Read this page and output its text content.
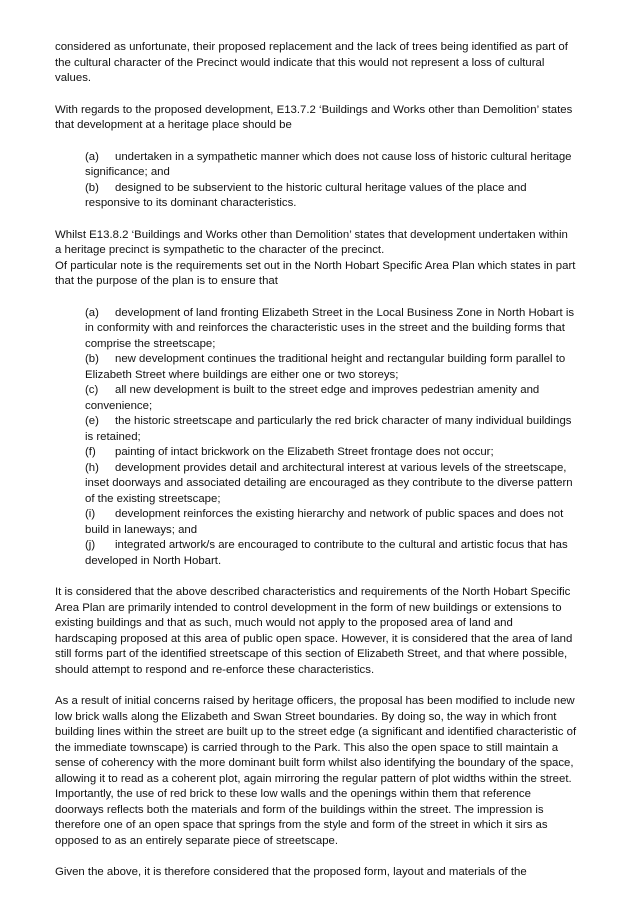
considered as unfortunate, their proposed replacement and the lack of trees being identified as part of the cultural character of the Precinct would indicate that this would not represent a loss of cultural values.

With regards to the proposed development, E13.7.2 ‘Buildings and Works other than Demolition’ states that development at a heritage place should be

(a) undertaken in a sympathetic manner which does not cause loss of historic cultural heritage significance; and
(b) designed to be subservient to the historic cultural heritage values of the place and responsive to its dominant characteristics.

Whilst E13.8.2 ‘Buildings and Works other than Demolition’ states that development undertaken within a heritage precinct is sympathetic to the character of the precinct.

Of particular note is the requirements set out in the North Hobart Specific Area Plan which states in part that the purpose of the plan is to ensure that

(a) development of land fronting Elizabeth Street in the Local Business Zone in North Hobart is in conformity with and reinforces the characteristic uses in the street and the building forms that comprise the streetscape;
(b) new development continues the traditional height and rectangular building form parallel to Elizabeth Street where buildings are either one or two storeys;
(c) all new development is built to the street edge and improves pedestrian amenity and convenience;
(e) the historic streetscape and particularly the red brick character of many individual buildings is retained;
(f) painting of intact brickwork on the Elizabeth Street frontage does not occur;
(h) development provides detail and architectural interest at various levels of the streetscape, inset doorways and associated detailing are encouraged as they contribute to the diverse pattern of the existing streetscape;
(i) development reinforces the existing hierarchy and network of public spaces and does not build in laneways; and
(j) integrated artwork/s are encouraged to contribute to the cultural and artistic focus that has developed in North Hobart.

It is considered that the above described characteristics and requirements of the North Hobart Specific Area Plan are primarily intended to control development in the form of new buildings or extensions to existing buildings and that as such, much would not apply to the proposed area of land and hardscaping proposed at this area of public open space. However, it is considered that the area of land still forms part of the identified streetscape of this section of Elizabeth Street, and that where possible, should attempt to respond and re-enforce these characteristics.

As a result of initial concerns raised by heritage officers, the proposal has been modified to include new low brick walls along the Elizabeth and Swan Street boundaries. By doing so, the way in which front building lines within the street are built up to the street edge (a significant and identified characteristic of the immediate townscape) is carried through to the Park. This also the open space to still maintain a sense of coherency with the more dominant built form whilst also identifying the boundary of the space, allowing it to read as a coherent plot, again mirroring the regular pattern of plot widths within the street. Importantly, the use of red brick to these low walls and the openings within them that reference doorways reflects both the materials and form of the buildings within the street. The impression is therefore one of an open space that springs from the style and form of the street in which it sirs as opposed to as an entirely separate piece of streetscape.

Given the above, it is therefore considered that the proposed form, layout and materials of the
